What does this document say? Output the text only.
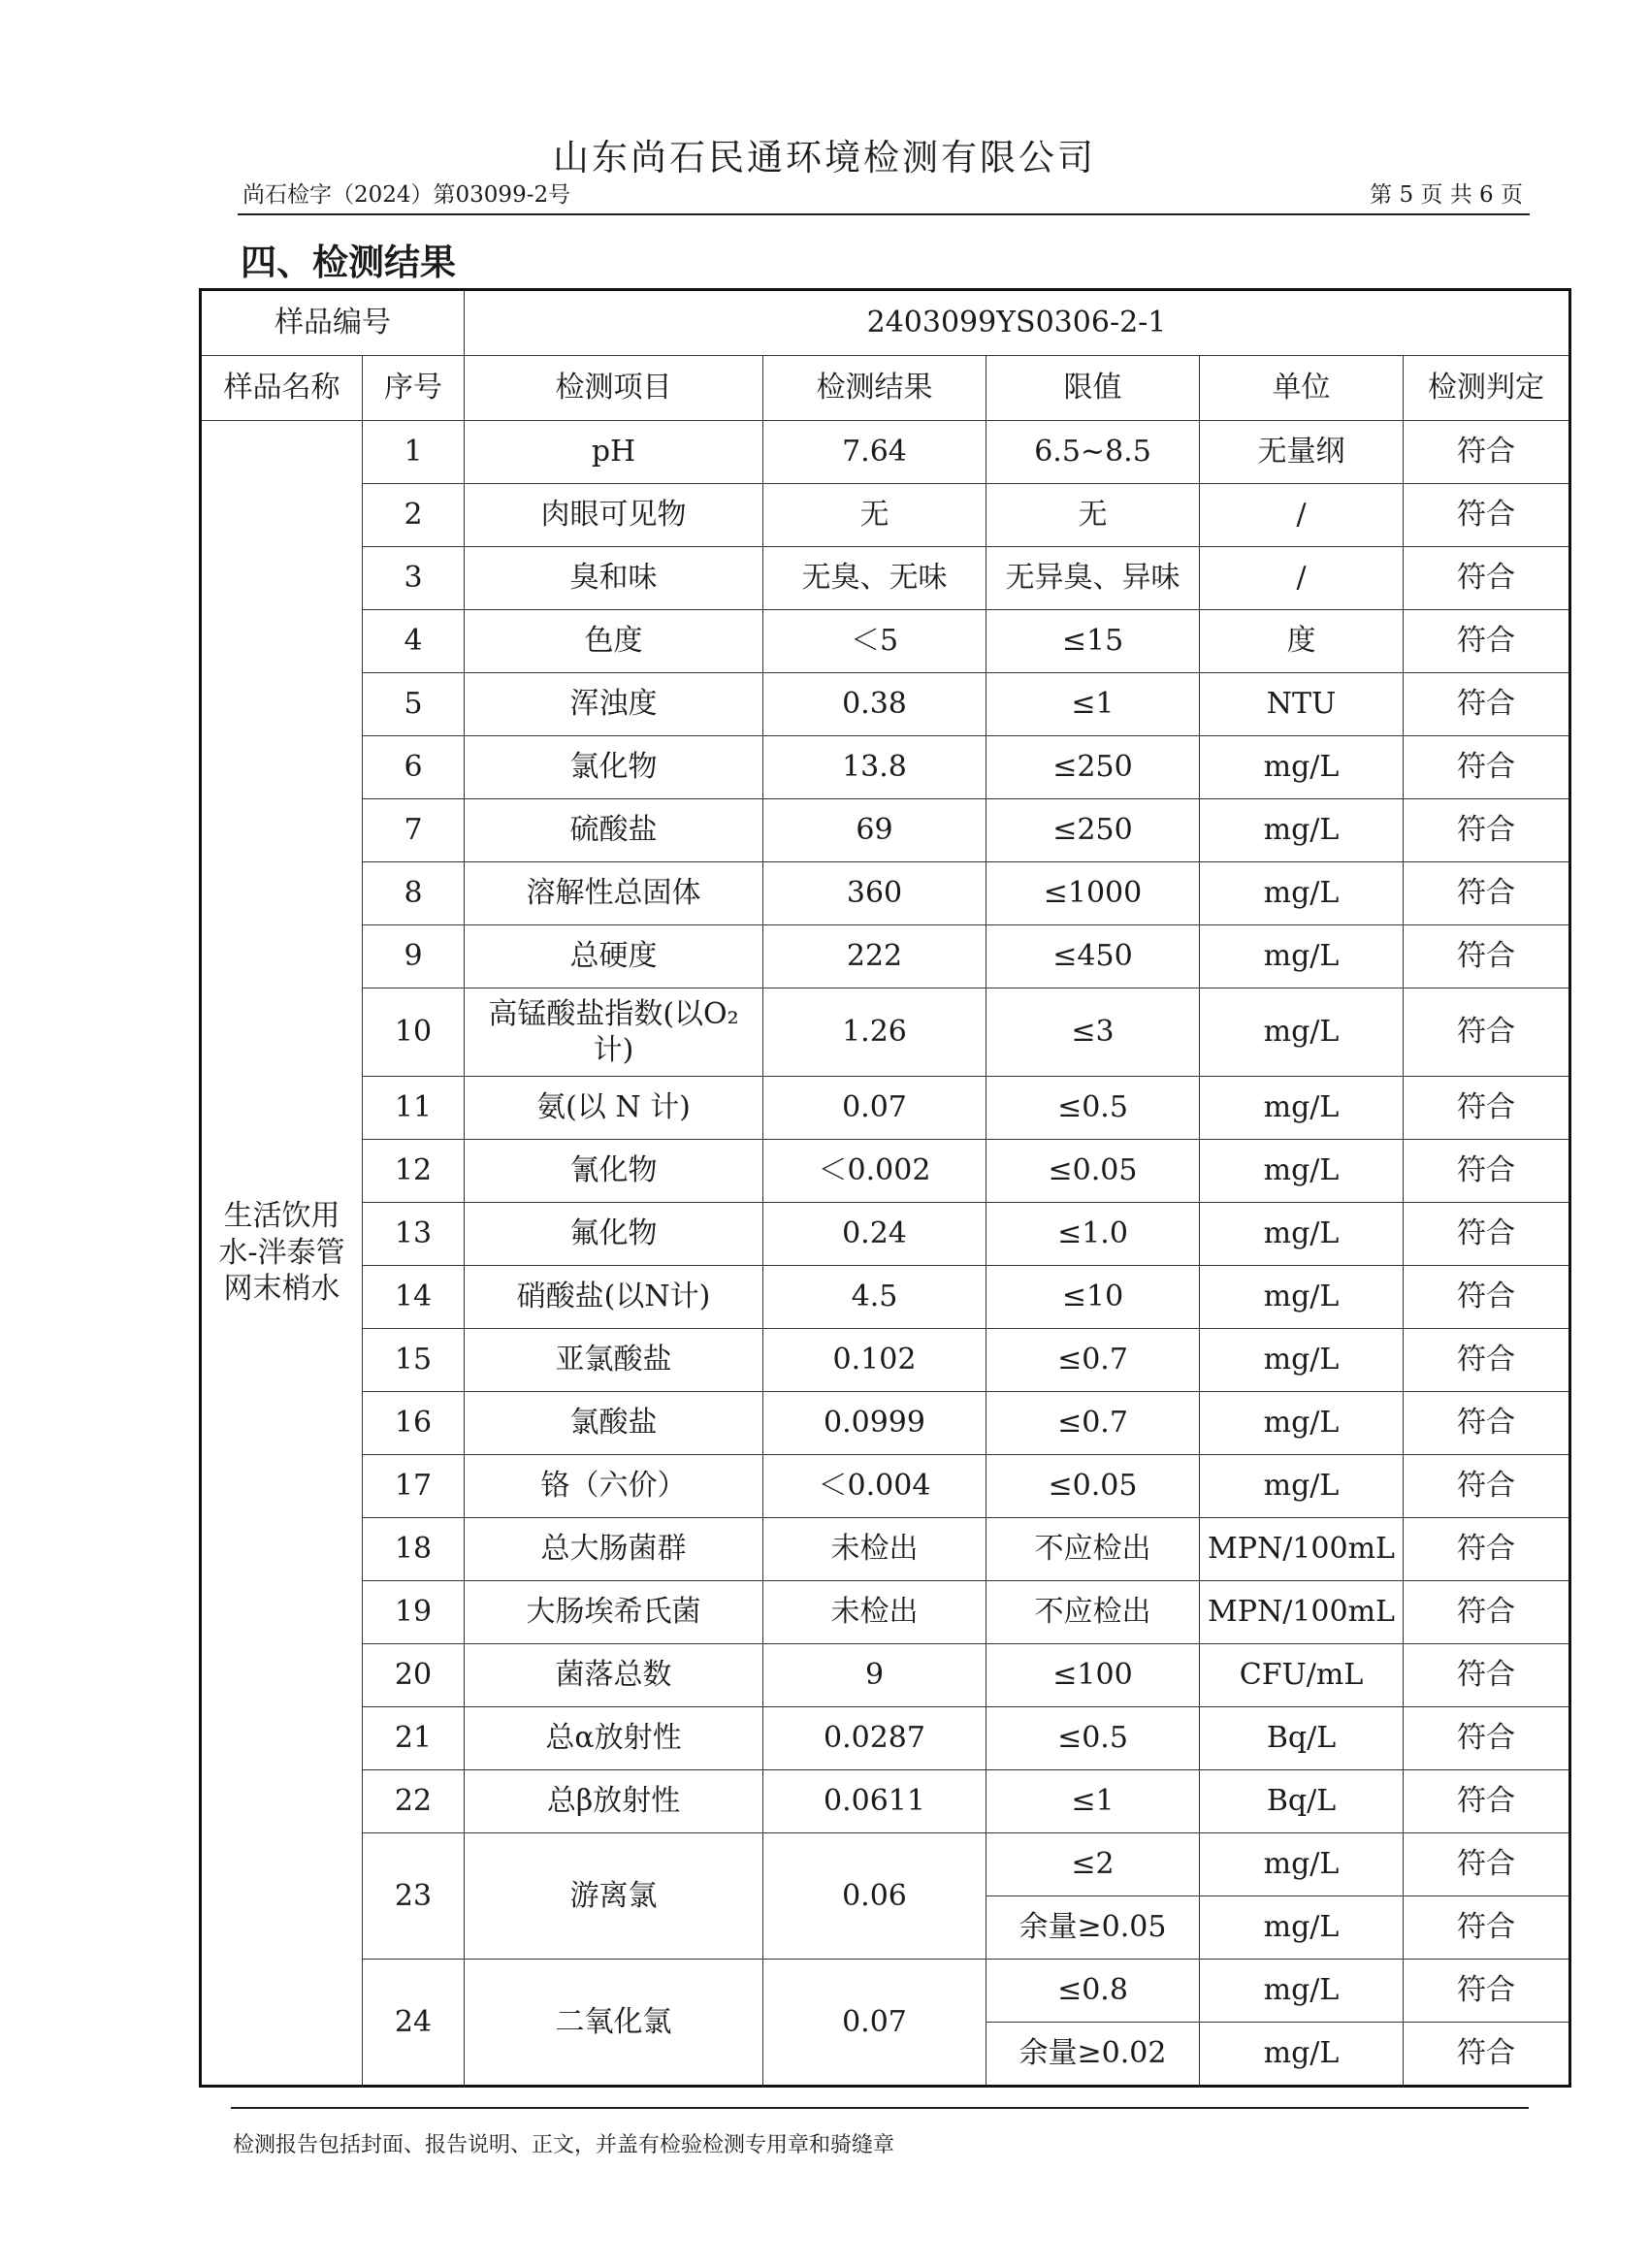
山东尚石民通环境检测有限公司
尚石检字（2024）第03099-2号	第 5 页 共 6 页
四、检测结果
样品编号		2403099YS0306-2-1				
样品名称	序号	检测项目	检测结果	限值	单位	检测判定
生活饮用水-泮泰管网末梢水	1	pH	7.64	6.5~8.5	无量纲	符合
	2	肉眼可见物	无	无	/	符合
	3	臭和味	无臭、无味	无异臭、异味	/	符合
	4	色度	＜5	≤15	度	符合
	5	浑浊度	0.38	≤1	NTU	符合
	6	氯化物	13.8	≤250	mg/L	符合
	7	硫酸盐	69	≤250	mg/L	符合
	8	溶解性总固体	360	≤1000	mg/L	符合
	9	总硬度	222	≤450	mg/L	符合
	10	高锰酸盐指数(以O₂计)	1.26	≤3	mg/L	符合
	11	氨(以 N 计)	0.07	≤0.5	mg/L	符合
	12	氰化物	＜0.002	≤0.05	mg/L	符合
	13	氟化物	0.24	≤1.0	mg/L	符合
	14	硝酸盐(以N计)	4.5	≤10	mg/L	符合
	15	亚氯酸盐	0.102	≤0.7	mg/L	符合
	16	氯酸盐	0.0999	≤0.7	mg/L	符合
	17	铬（六价）	＜0.004	≤0.05	mg/L	符合
	18	总大肠菌群	未检出	不应检出	MPN/100mL	符合
	19	大肠埃希氏菌	未检出	不应检出	MPN/100mL	符合
	20	菌落总数	9	≤100	CFU/mL	符合
	21	总α放射性	0.0287	≤0.5	Bq/L	符合
	22	总β放射性	0.0611	≤1	Bq/L	符合
	23	游离氯	0.06	≤2	mg/L	符合
				余量≥0.05	mg/L	符合
	24	二氧化氯	0.07	≤0.8	mg/L	符合
				余量≥0.02	mg/L	符合
检测报告包括封面、报告说明、正文，并盖有检验检测专用章和骑缝章
